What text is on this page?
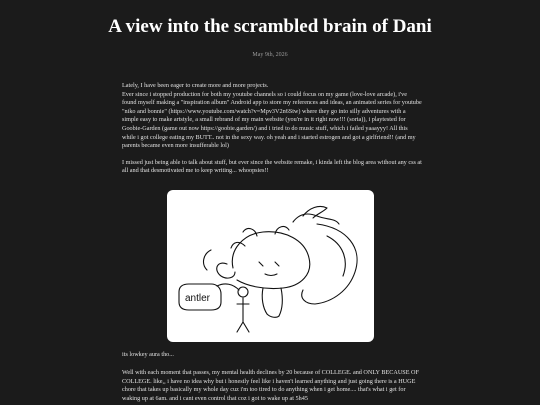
A view into the scrambled brain of Dani
May 9th, 2026

Lately, I have been eager to create more and more projects.

Ever since i stopped production for both my youtube channels so i could focus on my game (love-love arcade), i've found myself making a "inspiration album" Android app to store my references and ideas, an animated series for youtube "niko and bonnie" (https://www.youtube.com/watch?v=Mpv3V2n6Stw) where they go into silly adventures with a simple easy to make artstyle, a small rebrand of my main website (you're in it right now!!! (sorta)), i playtested for Goobie-Garden (game out now https://goobie.garden/) and i tried to do music stuff, which i failed yaaayyy! All this while i got college eating my BUTT.. not in the sexy way. oh yeah and i started estrogen and got a girlfriend!! (and my parents became even more insufferable lol)

I missed just being able to talk about stuff, but ever since the website remake, i kinda left the blog area without any css at all and that desmotivated me to keep writing... whoopsies!!

antler
its lowkey aura tho...
Well with each moment that passes, my mental health declines by 20 because of COLLEGE. and ONLY BECAUSE OF COLLEGE. like,, i have no idea why but i honestly feel like i haven't learned anything and just going there is a HUGE chore that takes up basically my whole day cuz i'm too tired to do anything when i get home.... that's what i get for waking up at 6am. and i cant even control that coz i got to wake up at 5h45
